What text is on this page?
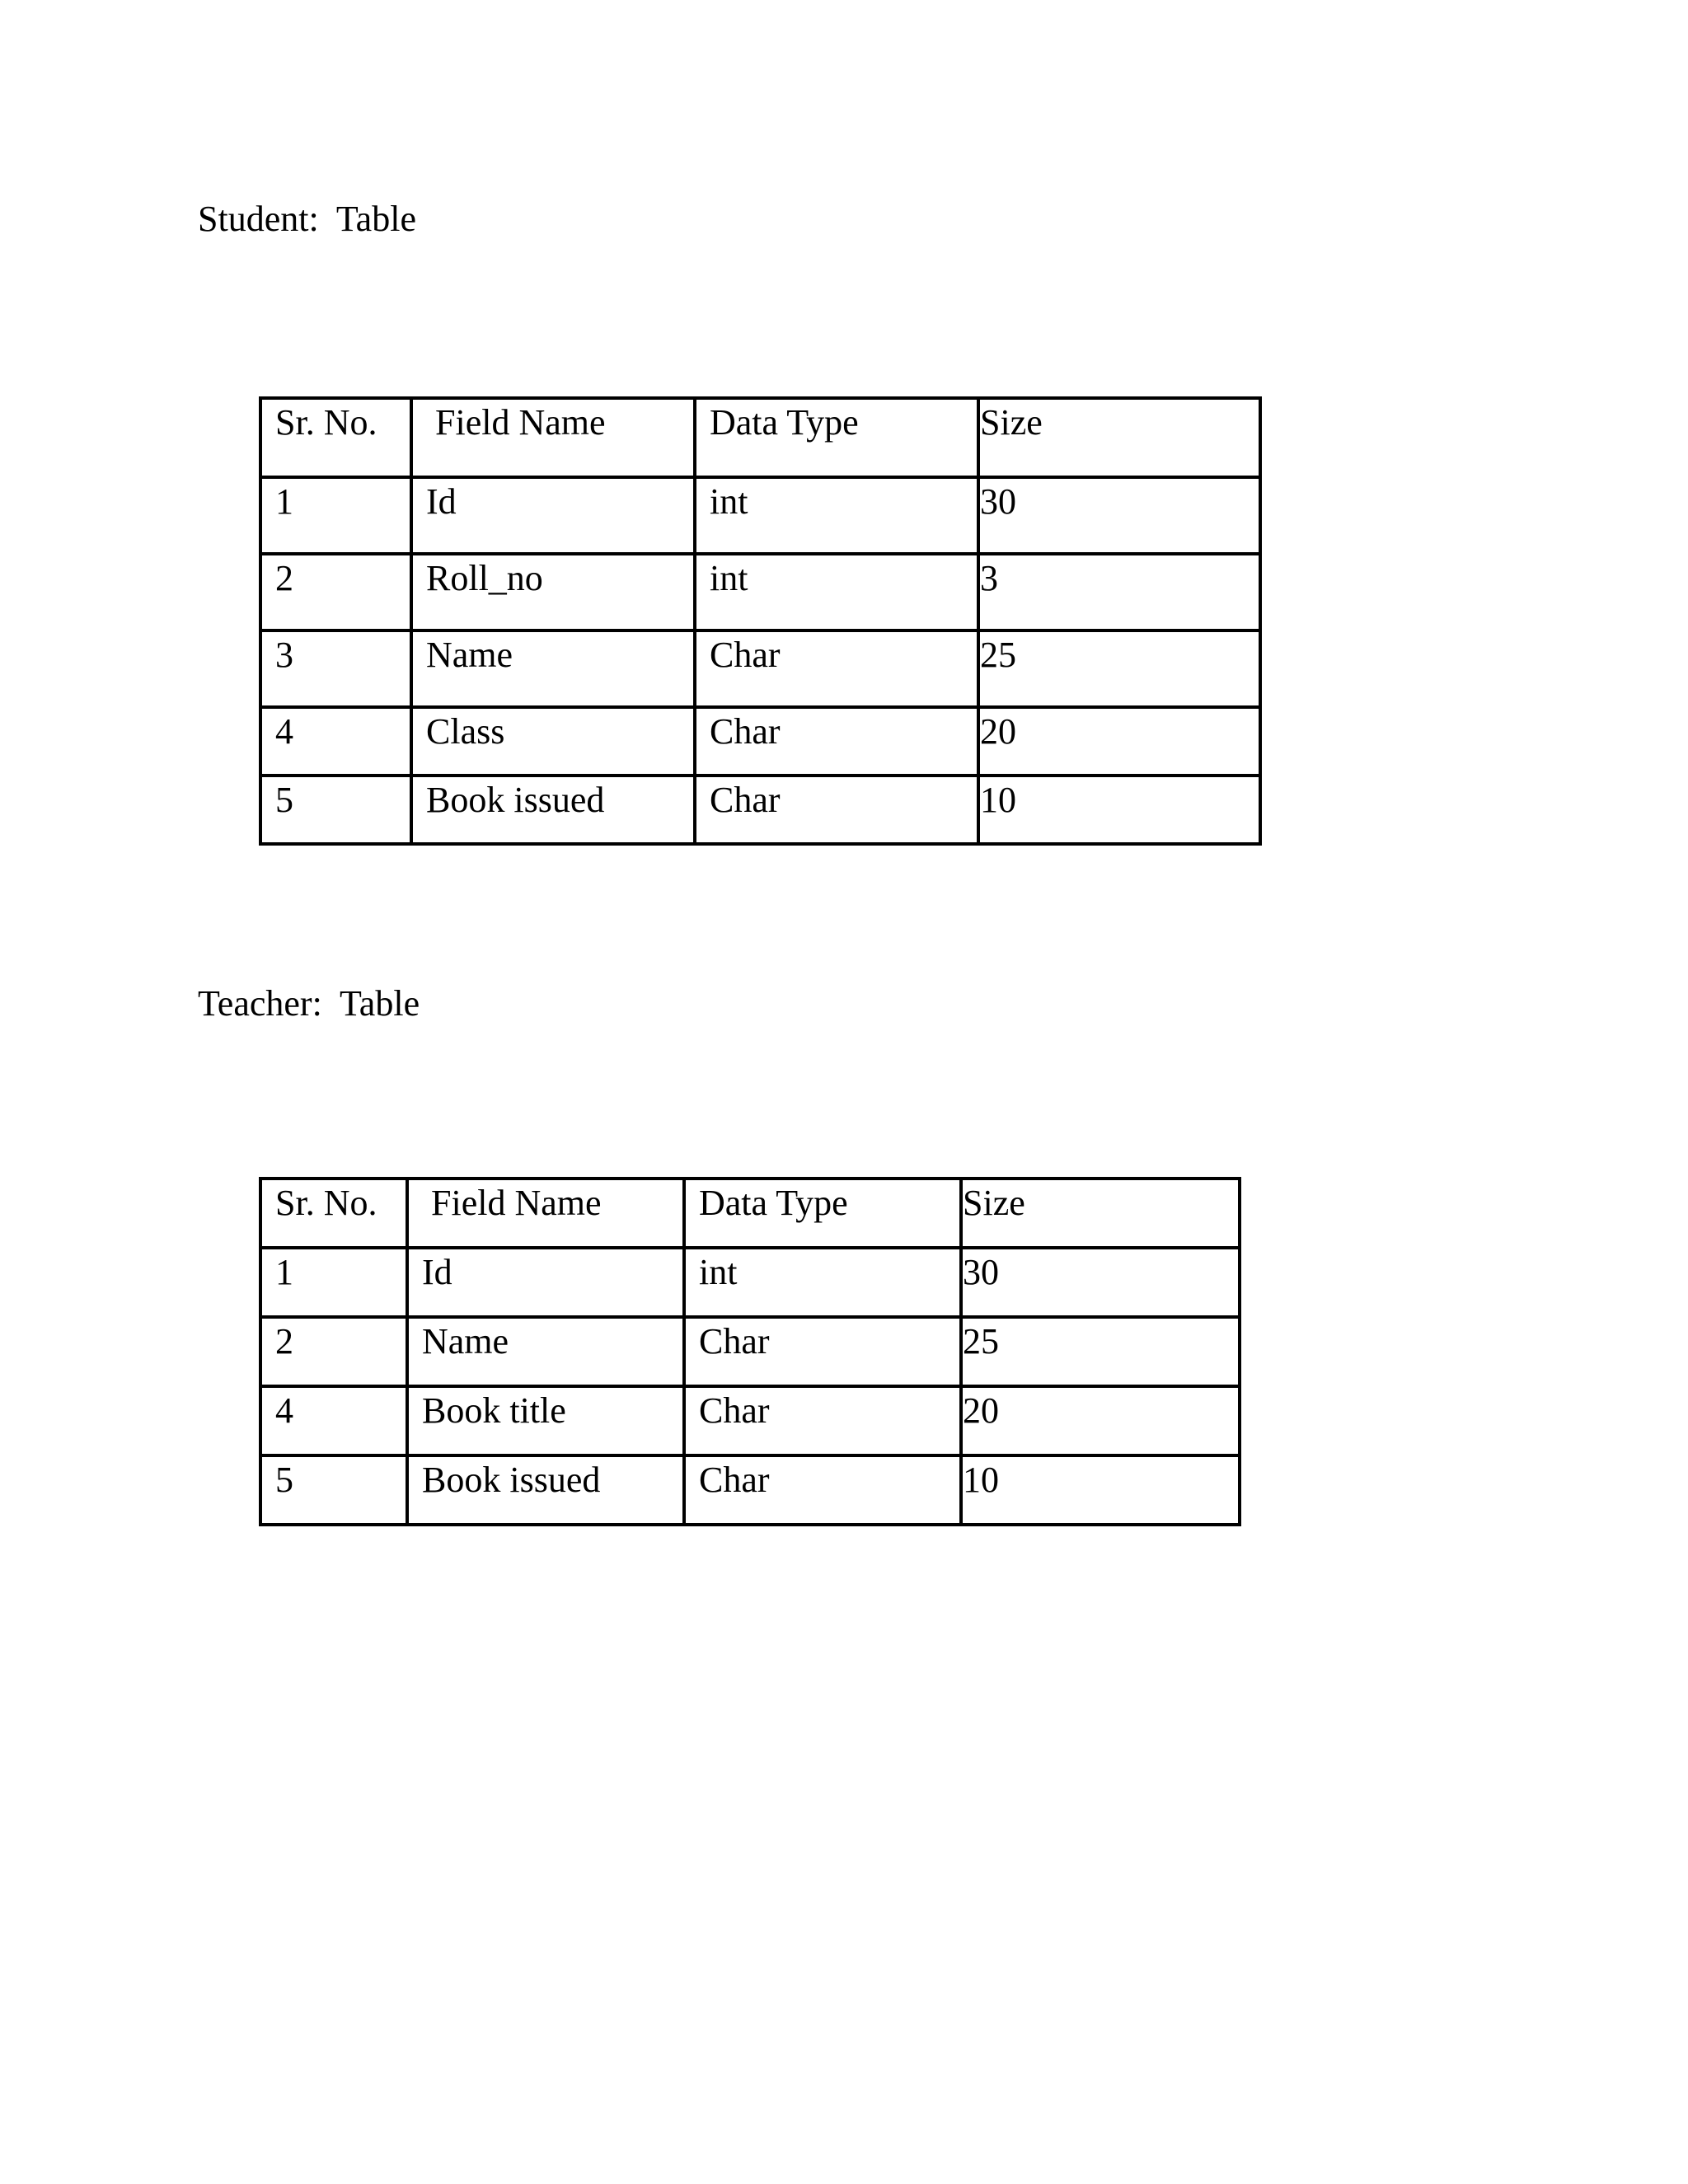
Student:  Table
Sr. No.	Field Name	Data Type	Size
1	Id	int	30
2	Roll_no	int	3
3	Name	Char	25
4	Class	Char	20
5	Book issued	Char	10
Teacher:  Table
Sr. No.	Field Name	Data Type	Size
1	Id	int	30
2	Name	Char	25
4	Book title	Char	20
5	Book issued	Char	10
